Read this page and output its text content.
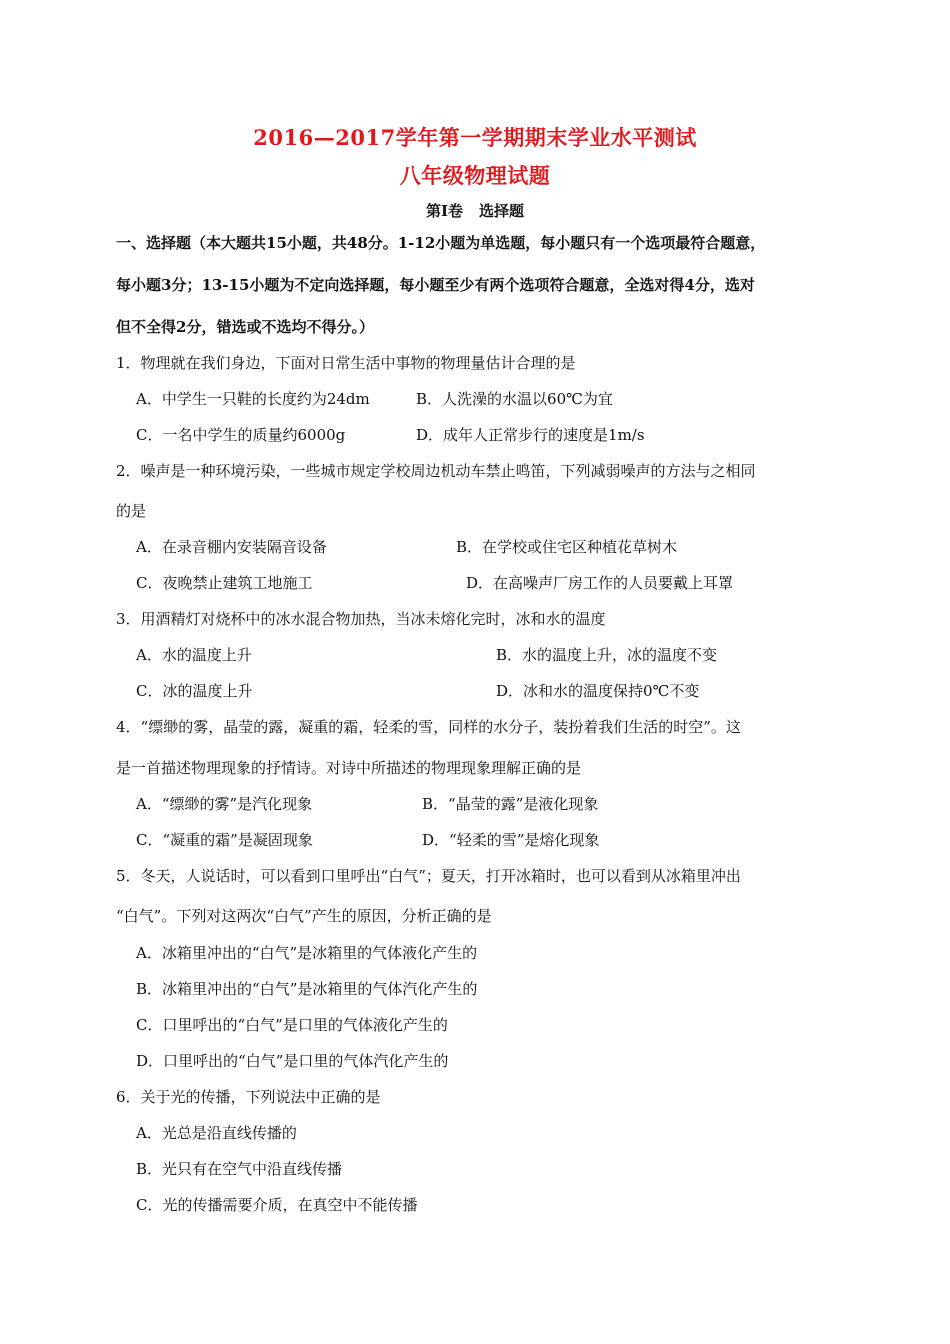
2016—2017学年第一学期期末学业水平测试
八年级物理试题
第Ⅰ卷 选择题
一、选择题（本大题共15小题，共48分。1-12小题为单选题，每小题只有一个选项最符合题意，
每小题3分；13-15小题为不定向选择题，每小题至少有两个选项符合题意，全选对得4分，选对
但不全得2分，错选或不选均不得分。）
1．物理就在我们身边，下面对日常生活中事物的物理量估计合理的是
A．中学生一只鞋的长度约为24dm	B．人洗澡的水温以60℃为宜
C．一名中学生的质量约6000g	D．成年人正常步行的速度是1m/s
2．噪声是一种环境污染，一些城市规定学校周边机动车禁止鸣笛，下列减弱噪声的方法与之相同
的是
A．在录音棚内安装隔音设备	B．在学校或住宅区种植花草树木
C．夜晚禁止建筑工地施工	D．在高噪声厂房工作的人员要戴上耳罩
3．用酒精灯对烧杯中的冰水混合物加热，当冰未熔化完时，冰和水的温度
A．水的温度上升	B．水的温度上升，冰的温度不变
C．冰的温度上升	D．冰和水的温度保持0℃不变
4．“缥缈的雾，晶莹的露，凝重的霜，轻柔的雪，同样的水分子，装扮着我们生活的时空”。这
是一首描述物理现象的抒情诗。对诗中所描述的物理现象理解正确的是
A．“缥缈的雾”是汽化现象	B．“晶莹的露”是液化现象
C．“凝重的霜”是凝固现象	D．“轻柔的雪”是熔化现象
5．冬天，人说话时，可以看到口里呼出“白气”；夏天，打开冰箱时，也可以看到从冰箱里冲出
“白气”。下列对这两次“白气”产生的原因，分析正确的是
A．冰箱里冲出的“白气”是冰箱里的气体液化产生的
B．冰箱里冲出的“白气”是冰箱里的气体汽化产生的
C．口里呼出的“白气”是口里的气体液化产生的
D．口里呼出的“白气”是口里的气体汽化产生的
6．关于光的传播，下列说法中正确的是
A．光总是沿直线传播的
B．光只有在空气中沿直线传播
C．光的传播需要介质，在真空中不能传播
